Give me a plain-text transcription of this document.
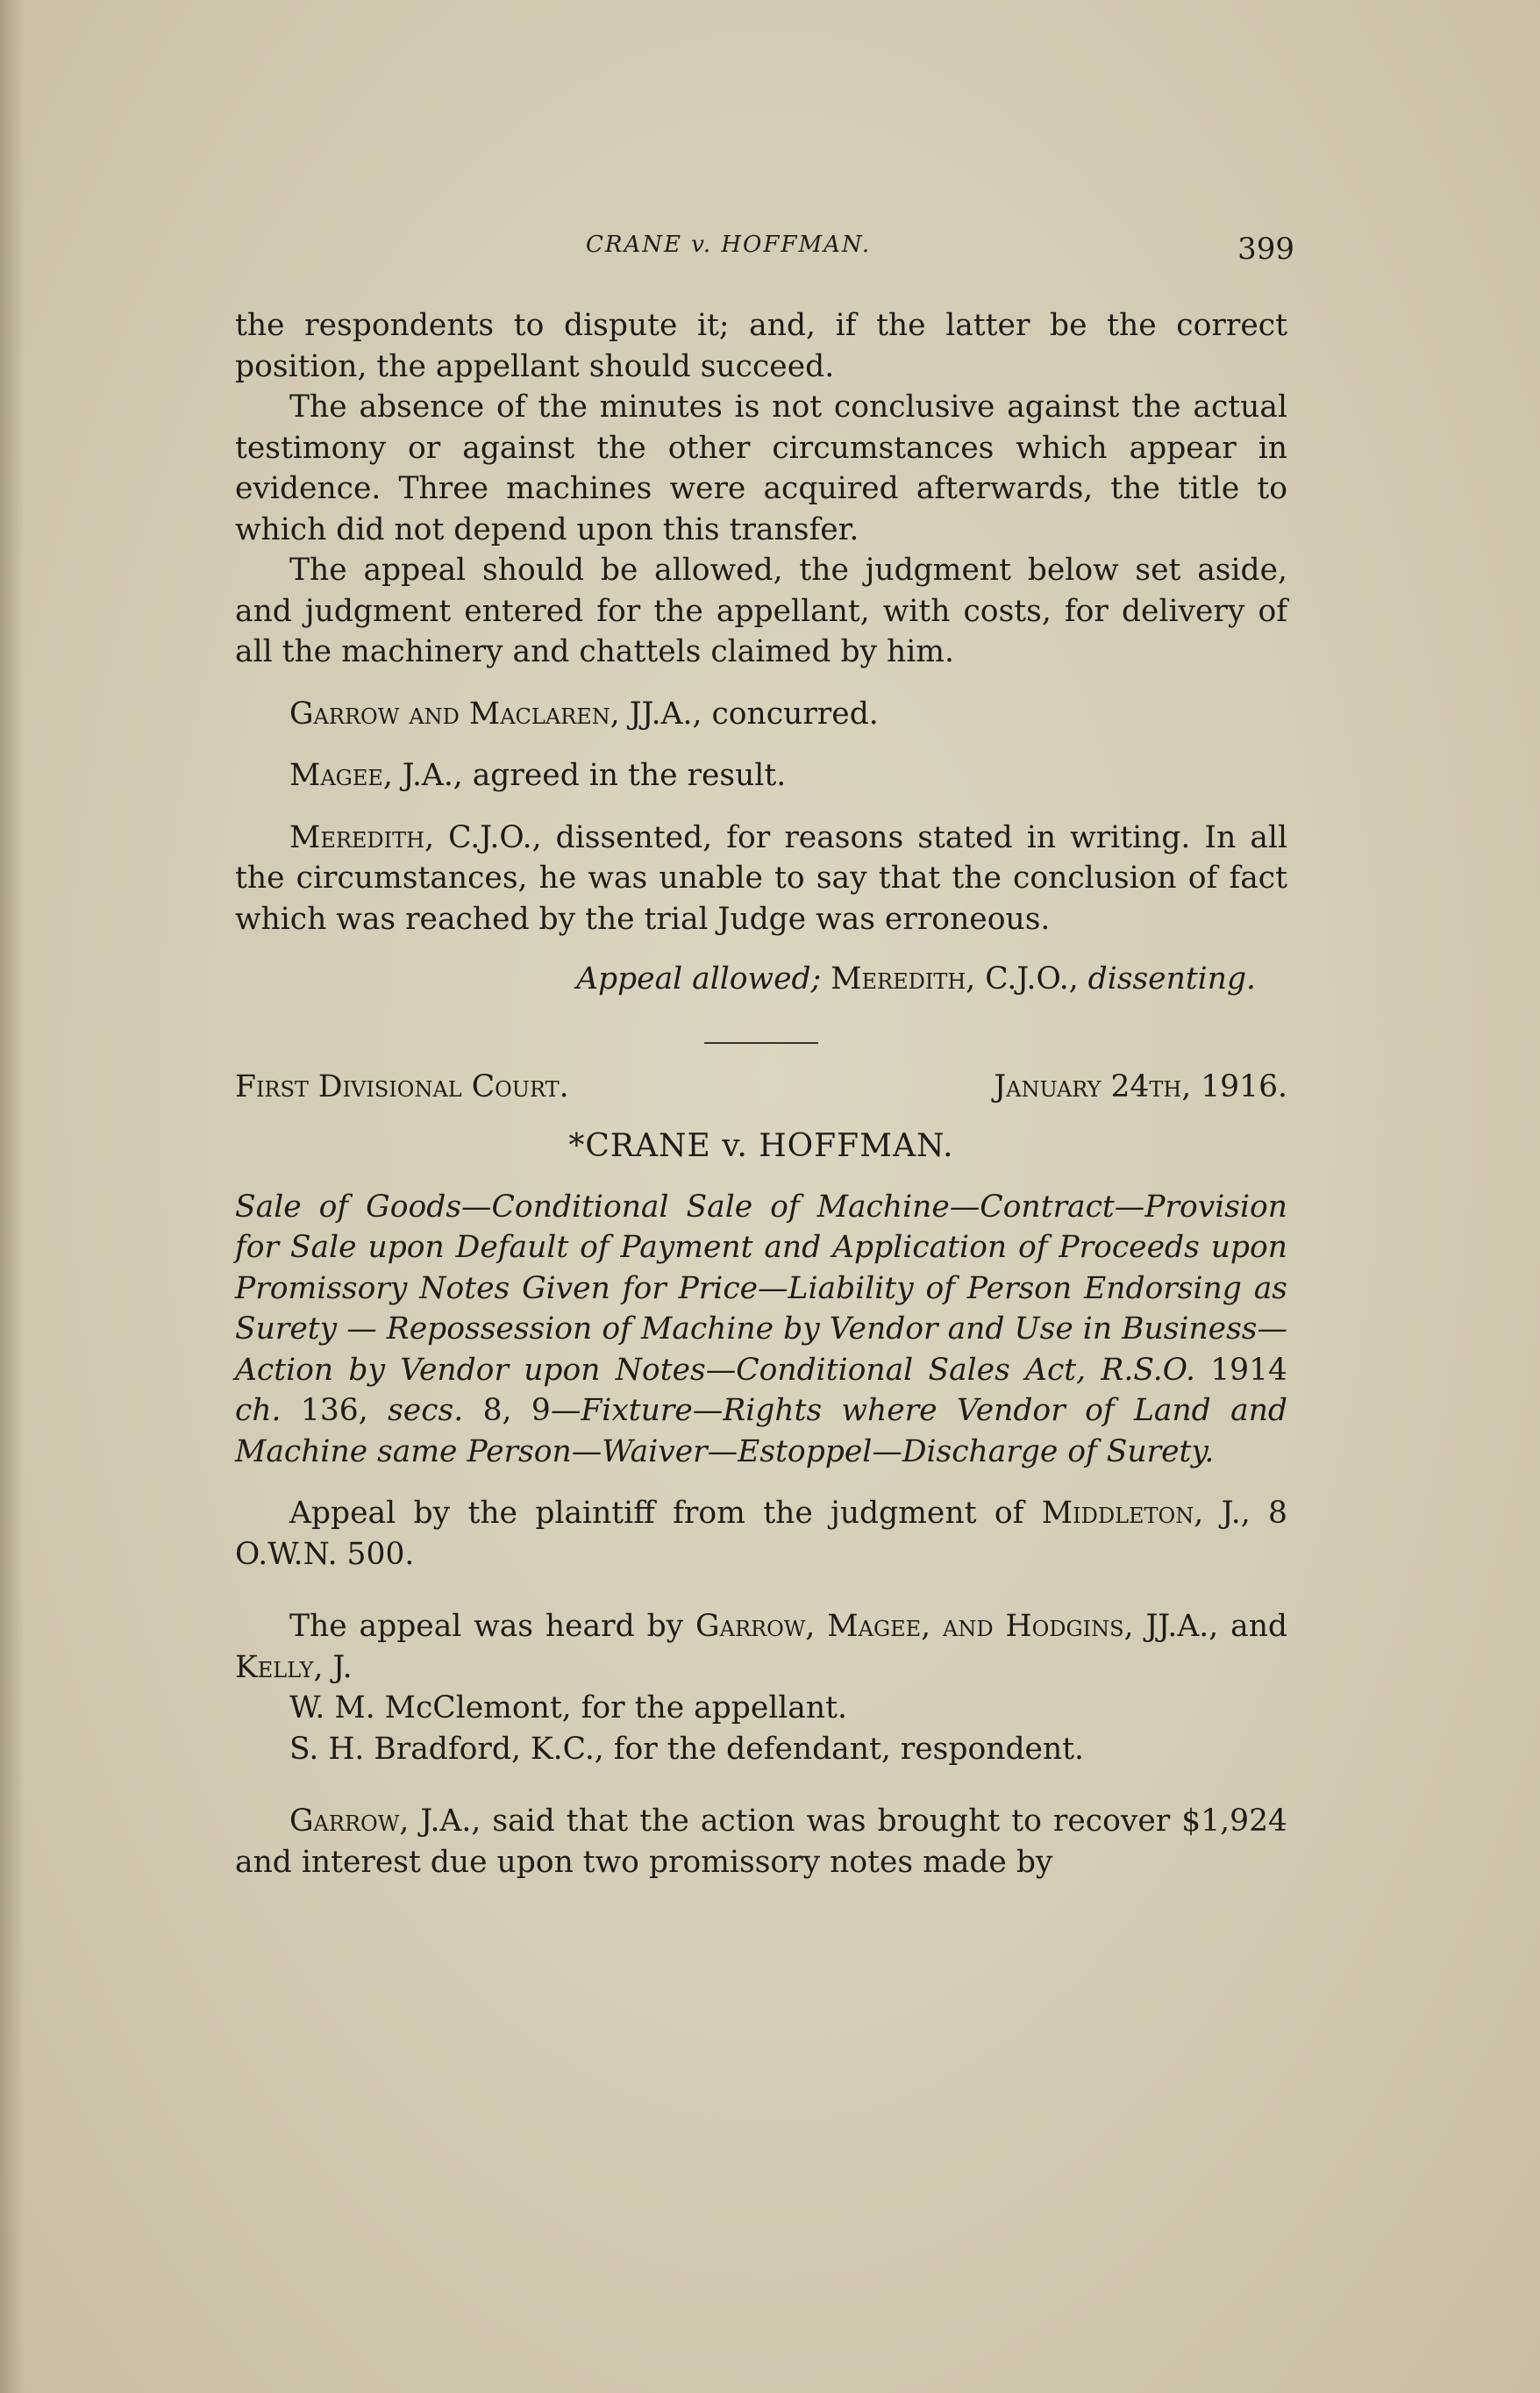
CRANE v. HOFFMAN.	399

the respondents to dispute it; and, if the latter be the correct position, the appellant should succeed.

The absence of the minutes is not conclusive against the actual testimony or against the other circumstances which appear in evidence. Three machines were acquired afterwards, the title to which did not depend upon this transfer.

The appeal should be allowed, the judgment below set aside, and judgment entered for the appellant, with costs, for delivery of all the machinery and chattels claimed by him.

Garrow and Maclaren, JJ.A., concurred.

Magee, J.A., agreed in the result.

Meredith, C.J.O., dissented, for reasons stated in writing. In all the circumstances, he was unable to say that the conclusion of fact which was reached by the trial Judge was erroneous.

Appeal allowed; Meredith, C.J.O., dissenting.

First Divisional Court.	January 24th, 1916.

*CRANE v. HOFFMAN.

Sale of Goods—Conditional Sale of Machine—Contract—Provision for Sale upon Default of Payment and Application of Proceeds upon Promissory Notes Given for Price—Liability of Person Endorsing as Surety — Repossession of Machine by Vendor and Use in Business—Action by Vendor upon Notes—Conditional Sales Act, R.S.O. 1914 ch. 136, secs. 8, 9—Fixture—Rights where Vendor of Land and Machine same Person—Waiver—Estoppel—Discharge of Surety.

Appeal by the plaintiff from the judgment of Middleton, J., 8 O.W.N. 500.

The appeal was heard by Garrow, Magee, and Hodgins, JJ.A., and Kelly, J.

W. M. McClemont, for the appellant.

S. H. Bradford, K.C., for the defendant, respondent.

Garrow, J.A., said that the action was brought to recover $1,924 and interest due upon two promissory notes made by
